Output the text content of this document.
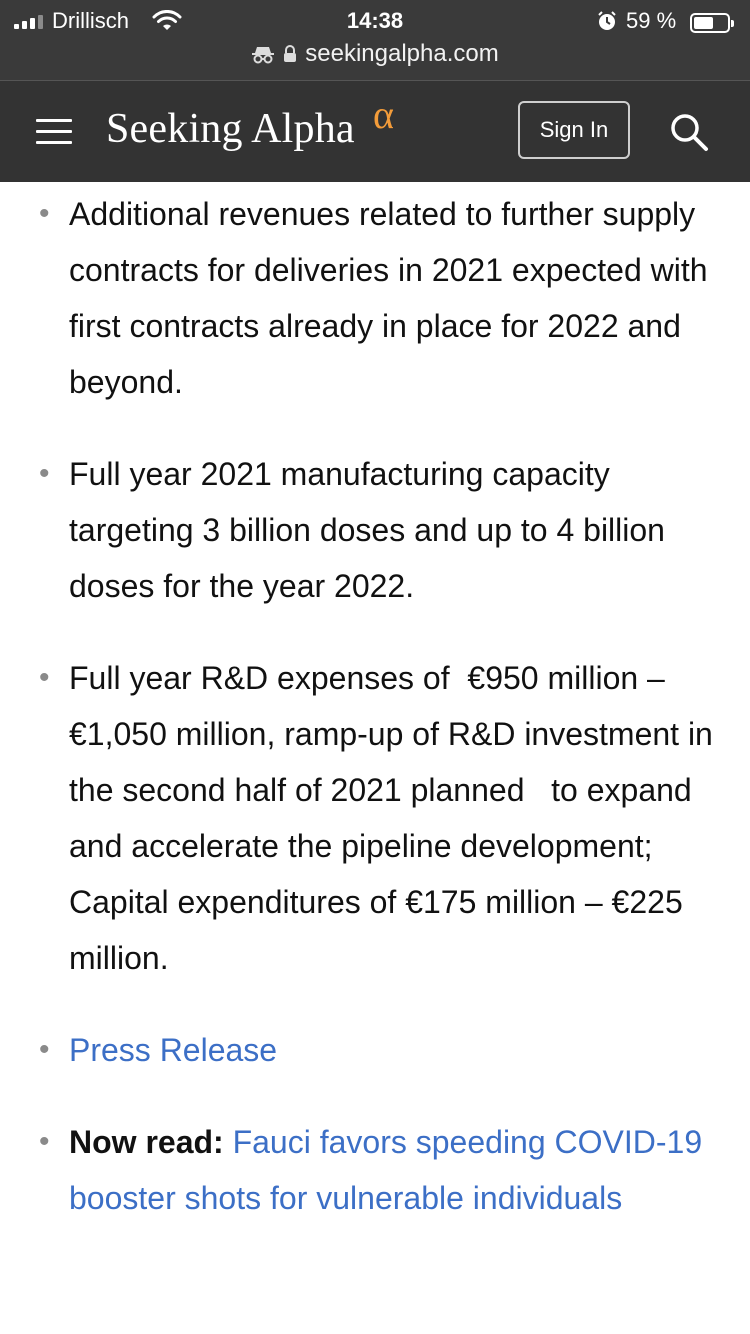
Drillisch	14:38	59 %
seekingalpha.com
Seeking Alpha α	Sign In
• Additional revenues related to further supply contracts for deliveries in 2021 expected with first contracts already in place for 2022 and beyond.
• Full year 2021 manufacturing capacity targeting 3 billion doses and up to 4 billion doses for the year 2022.
• Full year R&D expenses of  €950 million – €1,050 million, ramp-up of R&D investment in the second half of 2021 planned   to expand and accelerate the pipeline development; Capital expenditures of €175 million – €225 million.
• Press Release
• Now read: Fauci favors speeding COVID-19 booster shots for vulnerable individuals
